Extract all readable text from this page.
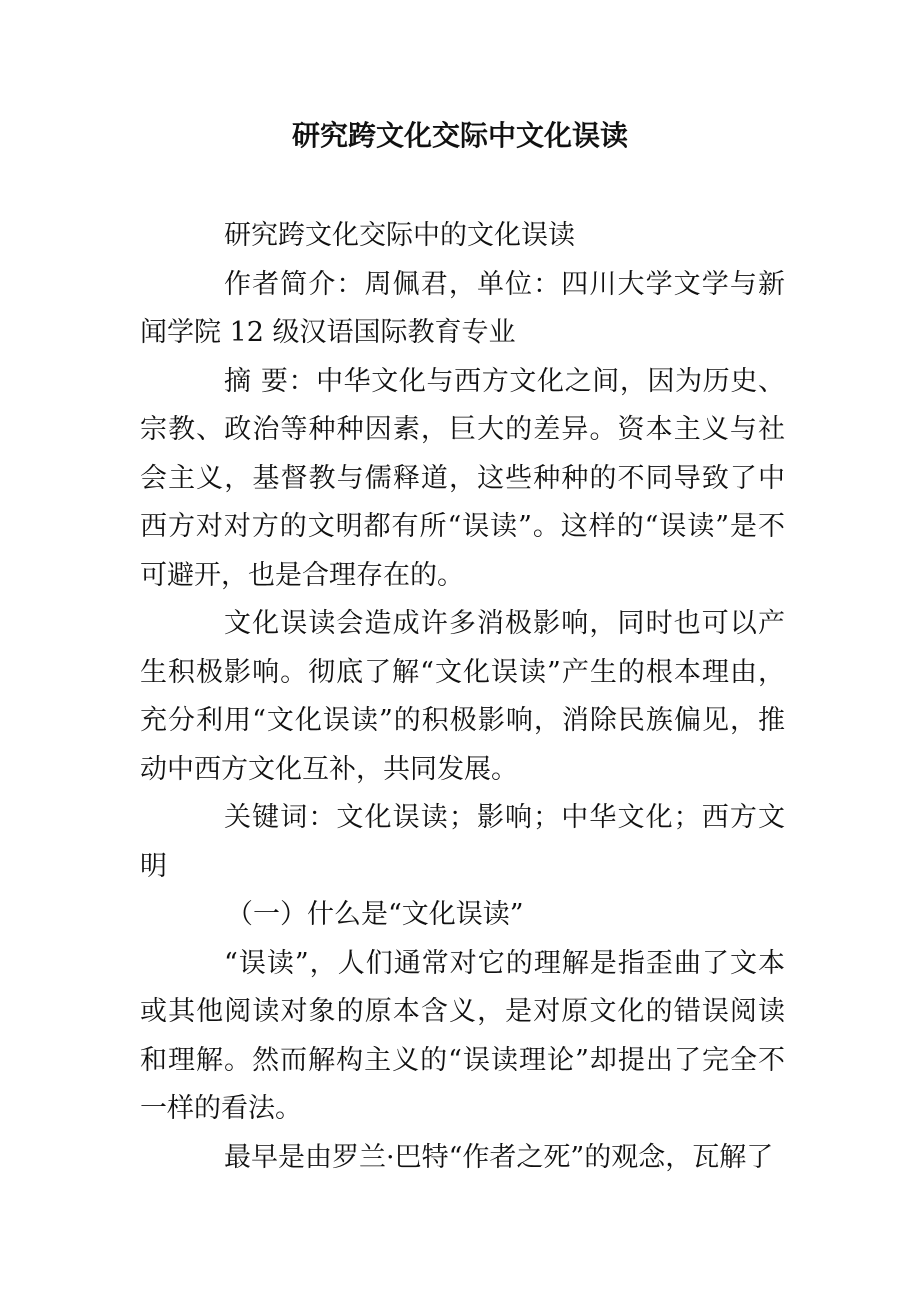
研究跨文化交际中文化误读

研究跨文化交际中的文化误读

作者简介：周佩君，单位：四川大学文学与新闻学院 12 级汉语国际教育专业

摘 要：中华文化与西方文化之间，因为历史、宗教、政治等种种因素，巨大的差异。资本主义与社会主义，基督教与儒释道，这些种种的不同导致了中西方对对方的文明都有所“误读”。这样的“误读”是不可避开，也是合理存在的。

文化误读会造成许多消极影响，同时也可以产生积极影响。彻底了解“文化误读”产生的根本理由，充分利用“文化误读”的积极影响，消除民族偏见，推动中西方文化互补，共同发展。

关键词：文化误读；影响；中华文化；西方文明

（一）什么是“文化误读”

“误读”，人们通常对它的理解是指歪曲了文本或其他阅读对象的原本含义，是对原文化的错误阅读和理解。然而解构主义的“误读理论”却提出了完全不一样的看法。

最早是由罗兰·巴特“作者之死”的观念，瓦解了
